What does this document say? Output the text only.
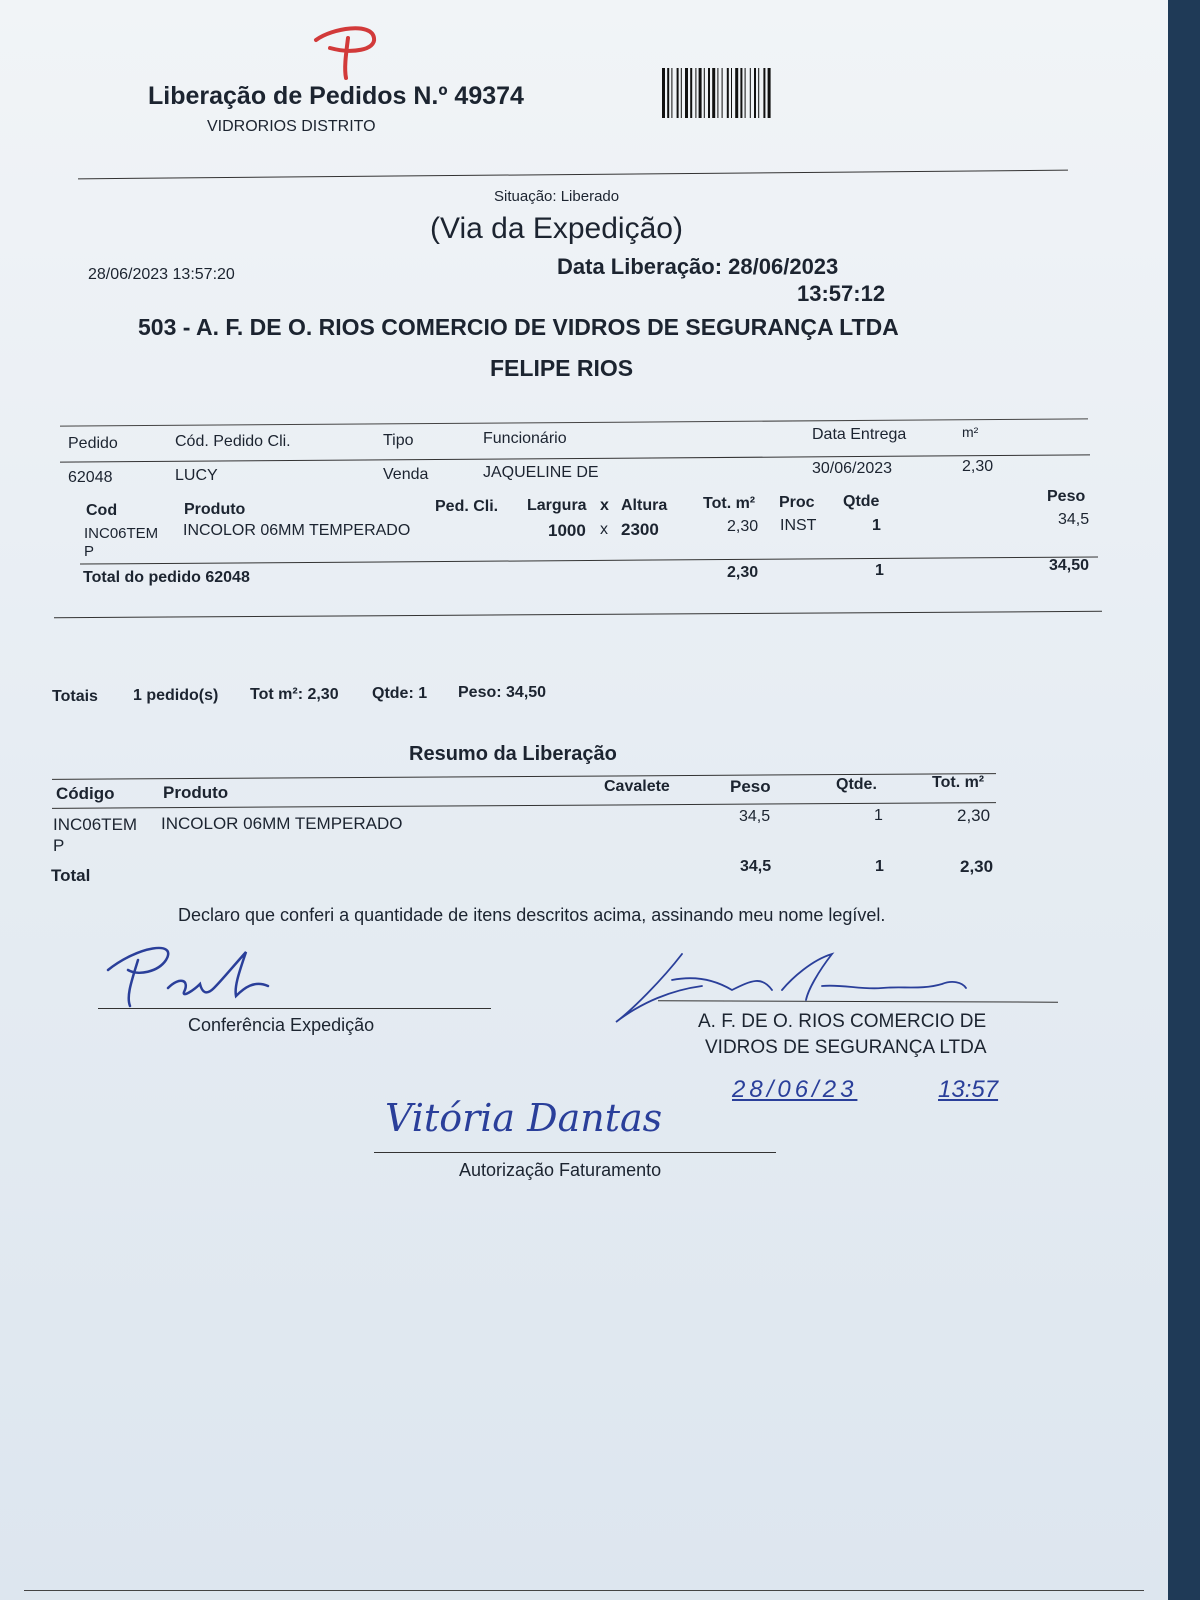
Liberação de Pedidos N.º 49374
VIDRORIOS DISTRITO
Situação: Liberado
(Via da Expedição)
28/06/2023 13:57:20	Data Liberação: 28/06/2023
13:57:12
503 - A. F. DE O. RIOS COMERCIO DE VIDROS DE SEGURANÇA LTDA
FELIPE RIOS
Pedido	Cód. Pedido Cli.	Tipo	Funcionário	Data Entrega	m²
62048	LUCY	Venda	JAQUELINE DE	30/06/2023	2,30
Cod	Produto	Ped. Cli. Largura x Altura Tot. m² Proc Qtde	Peso
INC06TEM
P
INCOLOR 06MM TEMPERADO	1000 x 2300	2,30 INST	1	34,5
Total do pedido 62048	2,30	1	34,50
Totais 1 pedido(s) Tot m²: 2,30 Qtde: 1 Peso: 34,50
Resumo da Liberação
Código	Produto	Cavalete	Peso	Qtde.	Tot. m²
INC06TEM
P
INCOLOR 06MM TEMPERADO	34,5	1	2,30
Total	34,5	1	2,30
Declaro que conferi a quantidade de itens descritos acima, assinando meu nome legível.
Conferência Expedição	A. F. DE O. RIOS COMERCIO DE
VIDROS DE SEGURANÇA LTDA
28/06/23	13:57
Vitória Dantas
Autorização Faturamento
